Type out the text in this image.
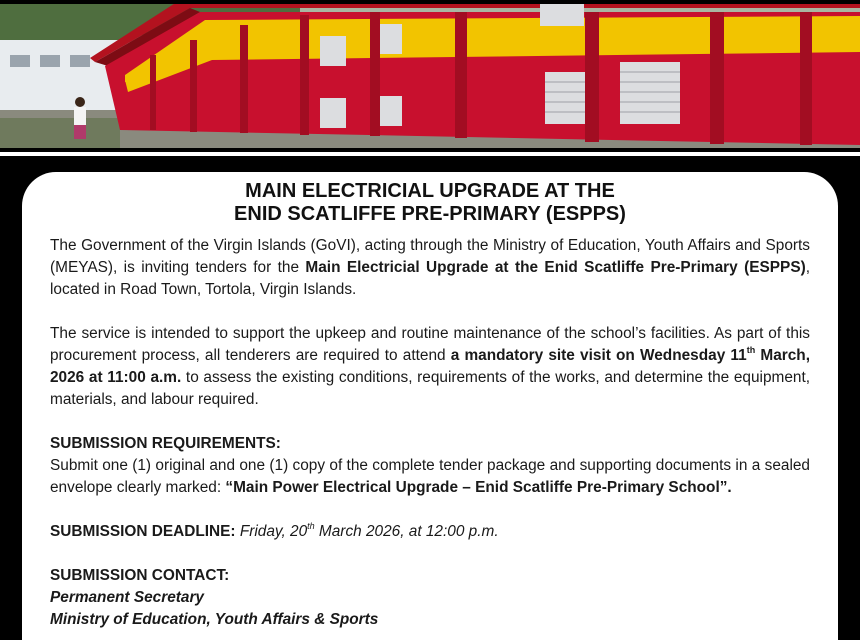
MAIN ELECTRICIAL UPGRADE AT THE
ENID SCATLIFFE PRE-PRIMARY (ESPPS)

The Government of the Virgin Islands (GoVI), acting through the Ministry of Education, Youth Affairs and Sports (MEYAS), is inviting tenders for the Main Electricial Upgrade at the Enid Scatliffe Pre-Primary (ESPPS), located in Road Town, Tortola, Virgin Islands.

The service is intended to support the upkeep and routine maintenance of the school’s facilities. As part of this procurement process, all tenderers are required to attend a mandatory site visit on Wednesday 11th March, 2026 at 11:00 a.m. to assess the existing conditions, requirements of the works, and determine the equipment, materials, and labour required.

SUBMISSION REQUIREMENTS:

Submit one (1) original and one (1) copy of the complete tender package and supporting documents in a sealed envelope clearly marked: “Main Power Electrical Upgrade – Enid Scatliffe Pre-Primary School”.

SUBMISSION DEADLINE: Friday, 20th March 2026, at 12:00 p.m.

SUBMISSION CONTACT:

Permanent Secretary

Ministry of Education, Youth Affairs & Sports
